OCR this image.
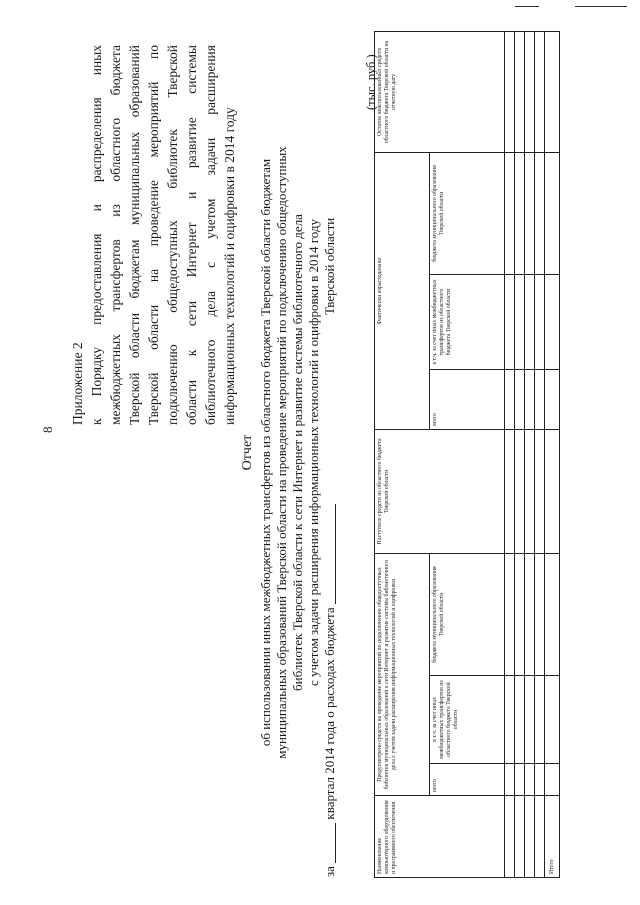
8
Приложение 2 к Порядку предоставления и распределения иных межбюджетных трансфертов из областного бюджета Тверской области бюджетам муниципальных образований Тверской области на проведение мероприятий по подключению общедоступных библиотек Тверской области к сети Интернет и развитие системы библиотечного дела с учетом задачи расширения информационных технологий и оцифровки в 2014 году
Отчет об использовании иных межбюджетных трансфертов из областного бюджета Тверской области бюджетам муниципальных образований Тверской области на проведение мероприятий по подключению общедоступных библиотек Тверской области к сети Интернет и развитие системы библиотечного дела с учетом задачи расширения информационных технологий и оцифровки в 2014 году
за  квартал 2014 года о расходах бюджета
Тверской области
(тыс. руб.)
Наименование компьютерного оборудования и программного обеспечения	Предусмотрено средств на проведение мероприятий по подключению общедоступных библиотек муниципальных образований к сети Интернет и развитие системы библиотечного дела с учетом задачи расширения информационных технологий и оцифровки			Поступило средств из областного бюджета Тверской области	Фактически израсходовано			Остаток неиспользованных средств областного бюджета Тверской области на отчетную дату
	всего	в т.ч. за счет иных межбюджетных трансфертов из областного бюджета Тверской области	бюджета муниципального образования Тверской области		всего	в т.ч. за счет иных межбюджетных трансфертов из областного бюджета Тверской области	бюджета муниципального образования Тверской области	

Итого								
